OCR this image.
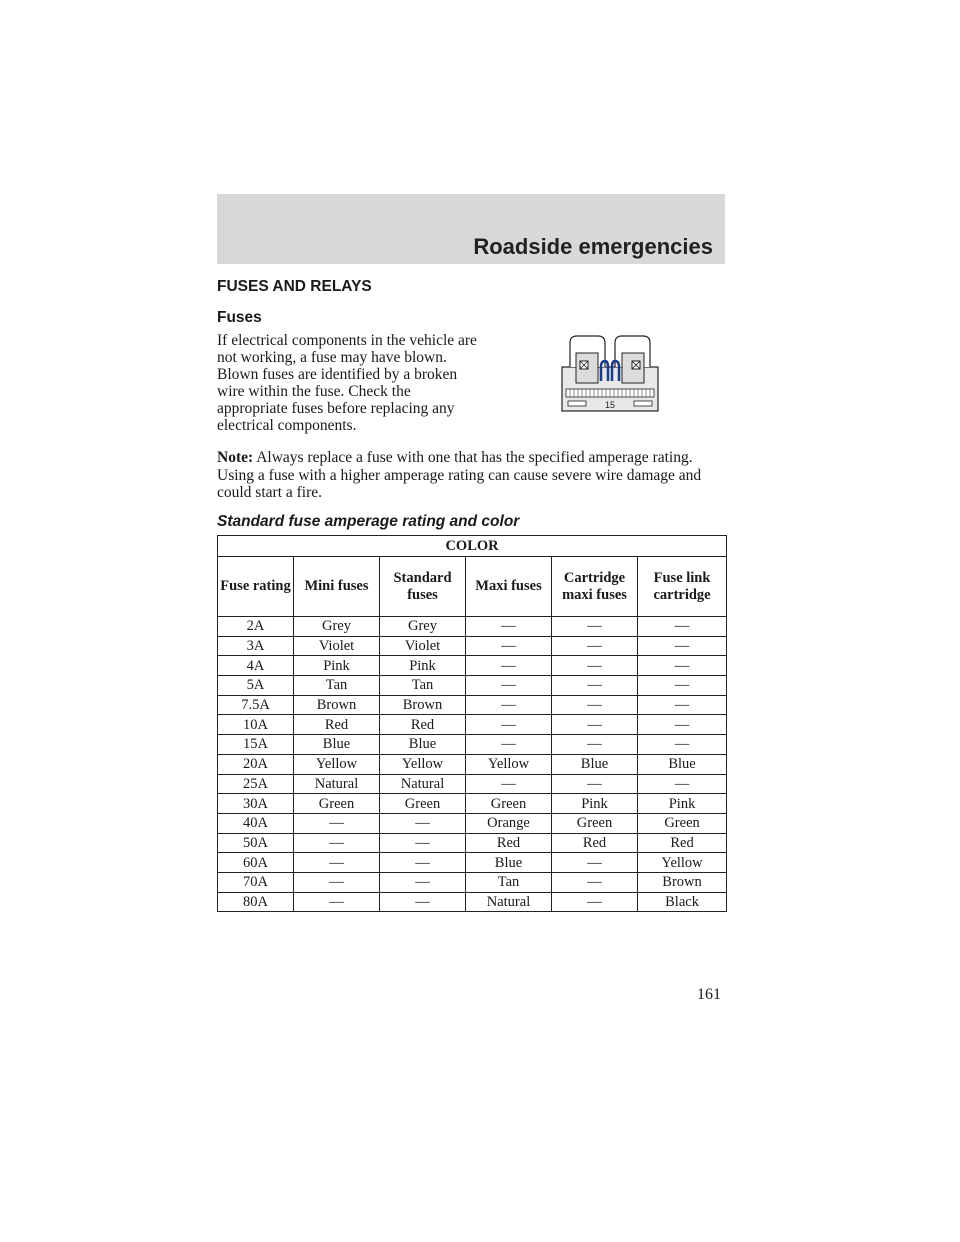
Roadside emergencies
FUSES AND RELAYS
Fuses

If electrical components in the vehicle are not working, a fuse may have blown. Blown fuses are identified by a broken wire within the fuse. Check the appropriate fuses before replacing any electrical components.

15

Note: Always replace a fuse with one that has the specified amperage rating. Using a fuse with a higher amperage rating can cause severe wire damage and could start a fire.

Standard fuse amperage rating and color
COLOR					
Fuse rating	Mini fuses	Standard fuses	Maxi fuses	Cartridge maxi fuses	Fuse link cartridge
2A	Grey	Grey	—	—	—
3A	Violet	Violet	—	—	—
4A	Pink	Pink	—	—	—
5A	Tan	Tan	—	—	—
7.5A	Brown	Brown	—	—	—
10A	Red	Red	—	—	—
15A	Blue	Blue	—	—	—
20A	Yellow	Yellow	Yellow	Blue	Blue
25A	Natural	Natural	—	—	—
30A	Green	Green	Green	Pink	Pink
40A	—	—	Orange	Green	Green
50A	—	—	Red	Red	Red
60A	—	—	Blue	—	Yellow
70A	—	—	Tan	—	Brown
80A	—	—	Natural	—	Black
161
